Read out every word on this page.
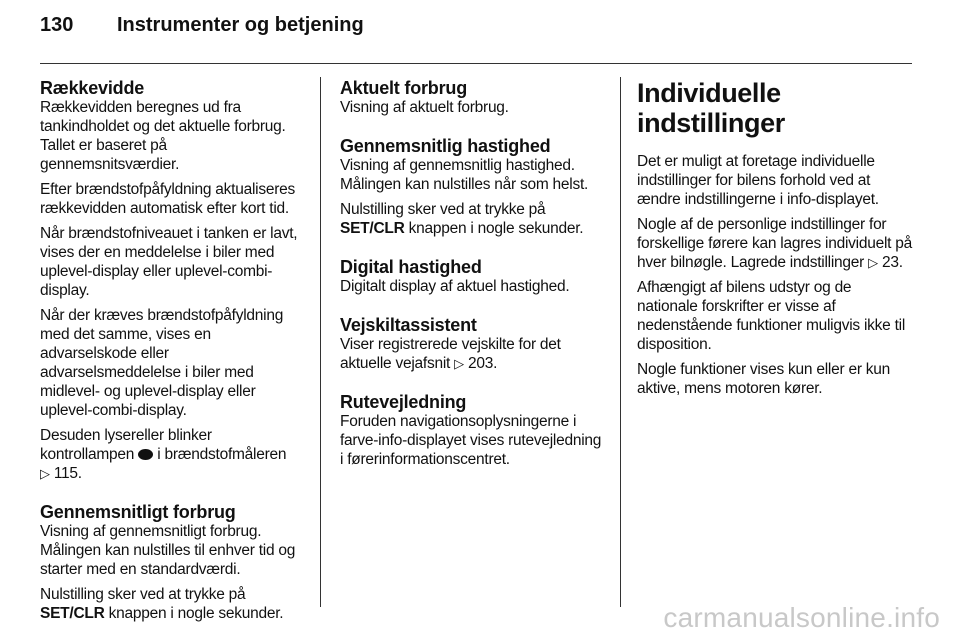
130 Instrumenter og betjening
Rækkevidde

Rækkevidden beregnes ud fra tankindholdet og det aktuelle forbrug. Tallet er baseret på gennemsnitsværdier.

Efter brændstofpåfyldning aktualiseres rækkevidden automatisk efter kort tid.

Når brændstofniveauet i tanken er lavt, vises der en meddelelse i biler med uplevel-display eller uplevel-combi-display.

Når der kræves brændstofpåfyldning med det samme, vises en advarselskode eller advarselsmeddelelse i biler med midlevel- og uplevel-display eller uplevel-combi-display.

Desuden lysereller blinker kontrollampen  i brændstofmåleren
▷ 115.

Gennemsnitligt forbrug

Visning af gennemsnitligt forbrug. Målingen kan nulstilles til enhver tid og starter med en standardværdi.

Nulstilling sker ved at trykke på SET/CLR knappen i nogle sekunder.

Aktuelt forbrug

Visning af aktuelt forbrug.

Gennemsnitlig hastighed

Visning af gennemsnitlig hastighed. Målingen kan nulstilles når som helst.

Nulstilling sker ved at trykke på SET/CLR knappen i nogle sekunder.

Digital hastighed

Digitalt display af aktuel hastighed.

Vejskiltassistent

Viser registrerede vejskilte for det aktuelle vejafsnit ▷ 203.

Rutevejledning

Foruden navigationsoplysningerne i farve-info-displayet vises rutevejledning i førerinformationscentret.

Individuelle indstillinger

Det er muligt at foretage individuelle indstillinger for bilens forhold ved at ændre indstillingerne i info-displayet.

Nogle af de personlige indstillinger for forskellige førere kan lagres individuelt på hver bilnøgle. Lagrede indstillinger ▷ 23.

Afhængigt af bilens udstyr og de nationale forskrifter er visse af nedenstående funktioner muligvis ikke til disposition.

Nogle funktioner vises kun eller er kun aktive, mens motoren kører.

carmanualsonline.info
